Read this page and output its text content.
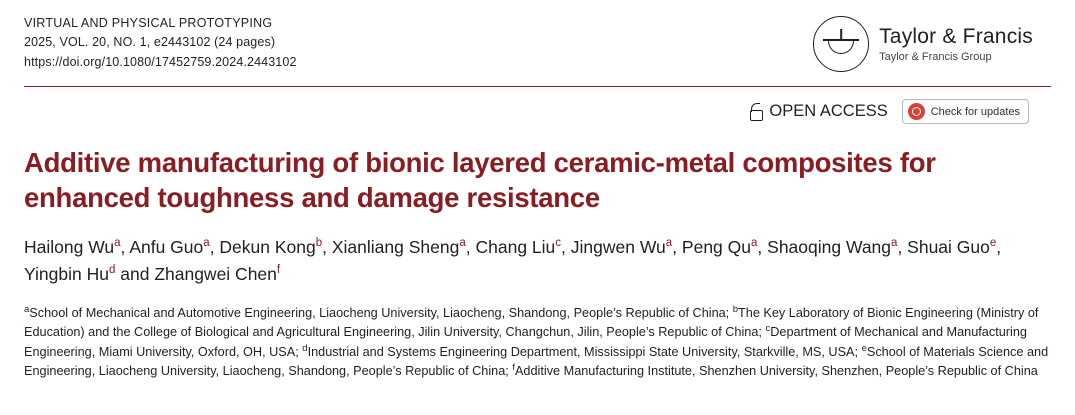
VIRTUAL AND PHYSICAL PROTOTYPING
2025, VOL. 20, NO. 1, e2443102 (24 pages)
https://doi.org/10.1080/17452759.2024.2443102
Taylor & Francis
Taylor & Francis Group
OPEN ACCESS	Check for updates
Additive manufacturing of bionic layered ceramic-metal composites for
enhanced toughness and damage resistance
Hailong Wu$^a$, Anfu Guo$^a$, Dekun Kong$^b$, Xianliang Sheng$^a$, Chang Liu$^c$, Jingwen Wu$^a$, Peng Qu$^a$, Shaoqing Wang$^a$, Shuai Guo$^e$, Yingbin Hu$^d$ and Zhangwei Chen$^f$
$^a$School of Mechanical and Automotive Engineering, Liaocheng University, Liaocheng, Shandong, People’s Republic of China; $^b$The Key Laboratory of Bionic Engineering (Ministry of Education) and the College of Biological and Agricultural Engineering, Jilin University, Changchun, Jilin, People’s Republic of China; $^c$Department of Mechanical and Manufacturing Engineering, Miami University, Oxford, OH, USA; $^d$Industrial and Systems Engineering Department, Mississippi State University, Starkville, MS, USA; $^e$School of Materials Science and Engineering, Liaocheng University, Liaocheng, Shandong, People’s Republic of China; $^f$Additive Manufacturing Institute, Shenzhen University, Shenzhen, People’s Republic of China
